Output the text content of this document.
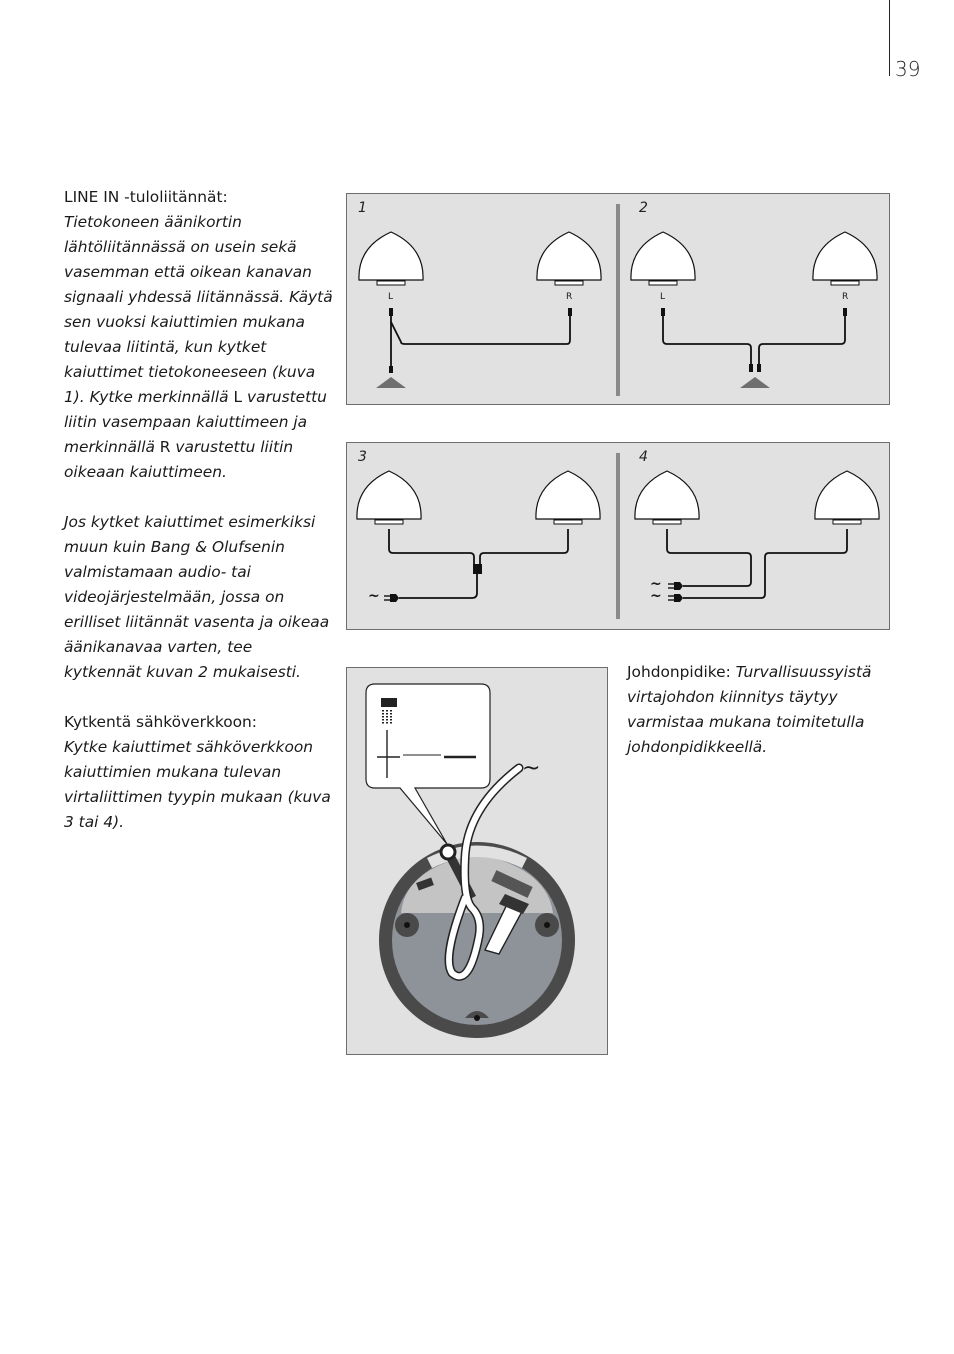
39

LINE IN -tuloliitännät:
Tietokoneen äänikortin lähtöliitännässä on usein sekä vasemman että oikean kanavan signaali yhdessä liitännässä. Käytä sen vuoksi kaiuttimien mukana tulevaa liitintä, kun kytket kaiuttimet tietokoneeseen (kuva 1). Kytke merkinnällä L varustettu liitin vasempaan kaiuttimeen ja merkinnällä R varustettu liitin oikeaan kaiuttimeen.

Jos kytket kaiuttimet esimerkiksi muun kuin Bang & Olufsenin valmistamaan audio- tai videojärjestelmään, jossa on erilliset liitännät vasenta ja oikeaa äänikanavaa varten, tee kytkennät kuvan 2 mukaisesti.

Kytkentä sähköverkkoon:
Kytke kaiuttimet sähköverkkoon kaiuttimien mukana tulevan virtaliittimen tyypin mukaan (kuva 3 tai 4).

1	2
L	R	L	R
3	4
~
~
~
~
Johdonpidike: Turvallisuussyistä virtajohdon kiinnitys täytyy varmistaa mukana toimitetulla johdonpidikkeellä.
